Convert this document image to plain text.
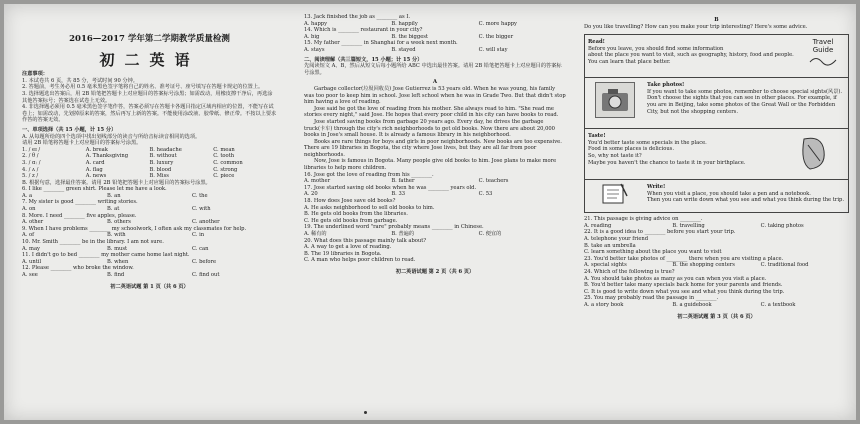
2016—2017 学年第二学期教学质量检测
初二英语
注意事项：

1. 本试卷共 6 页，共 85 分，考试时间 90 分钟。

2. 答题前，考生务必用 0.5 毫米黑色签字笔将自己的姓名、准考证号、座号填写在答题卡规定的位置上。

3. 选择题选出答案后，用 2B 铅笔把答题卡上对应题目的答案标号涂黑；如需改动，用橡皮擦干净后，再选涂其他答案标号；答案选在试卷上无效。

4. 非选择题必须用 0.5 毫米黑色签字笔作答，答案必须写在答题卡各题目指定区域内相应的位置，不能写在试卷上；如需改动，先划掉原来的答案，然后再写上新的答案。不能使用涂改液、胶带纸、修正带。不按以上要求作答的答案无效。

一、单项选择（共 15 小题，计 15 分）

A. 从每题所给的四个选项中找出划线部分的读音与所给音标读音相同的选项。

请用 2B 铅笔将答题卡上对应题目的答案标号涂黑。

1. / eɪ /	A. break	B. headache	C. mean
2. / θ /	A. Thanksgiving	B. without	C. tooth
3. / ɑː /	A. card	B. luxury	C. common
4. / ʌ /	A. flag	B. blood	C. strong
5. / z /	A. news	B. Miss	C. piece

B. 根据句意，选择最佳答案。请用 2B 铅笔把答题卡上对应题目的答案标号涂黑。

6. I like ________ green shirt. Please let me have a look.

A. a	B. an	C. the

7. My sister is good ________ writing stories.

A. on	B. at	C. with

8. More. I need ________ five apples, please.

A. other	B. others	C. another

9. When I have problems ________ my schoolwork, I often ask my classmates for help.

A. of	B. with	C. in

10. Mr. Smith ________ be in the library. I am not sure.

A. may	B. must	C. can

11. I didn't go to bed ________ my mother came home last night.

A. until	B. when	C. before

12. Please ________ who broke the window.

A. see	B. find	C. find out
初二英语试题 第 1 页（共 6 页）

13. Jack finished the job as ________ as I.

A. happy	B. happily	C. more happy

14. Which is ________ restaurant in your city?

A. big	B. the biggest	C. the bigger

15. My father ________ in Shanghai for a week next month.

A. stays	B. stayed	C. will stay
二、阅读理解（共三篇短文，15 小题；计 15 分）

先阅读短文 A、B，然后从短文后每小题所给 ABC 中选出最佳答案。请用 2B 铅笔把答题卡上对应题目的答案标号涂黑。

A

Garbage collector(垃圾回收员) Jose Gutierrez is 53 years old. When he was young, his family was too poor to keep him in school. Jose left school when he was in Grade Two. But that didn't stop him having a love of reading.

Jose said he got the love of reading from his mother. She always read to him. "She read me stories every night," said Jose. He hopes that every poor child in his city can have books to read.

Jose started saving books from garbage 20 years ago. Every day, he drives the garbage truck(卡车) through the city's rich neighborhoods to get old books. Now there are about 20,000 books in Jose's small house. It is already a famous library in his neighborhood.

Books are rare things for boys and girls in poor neighborhoods. New books are too expensive. There are 19 libraries in Bogota, the city where Jose lives, but they are all far from poor neighborhoods.

Now, Jose is famous in Bogota. Many people give old books to him. Jose plans to make more libraries to help more children.

16. Jose got the love of reading from his ________.

A. mother	B. father	C. teachers

17. Jose started saving old books when he was ________ years old.

A. 20	B. 33	C. 53

18. How does Jose save old books?

A. He asks neighborhood to sell old books to him.

B. He gets old books from the libraries.

C. He gets old books from garbage.

19. The underlined word "rare" probably means ________ in Chinese.

A. 稀有的	B. 普遍的	C. 便宜的

20. What does this passage mainly talk about?

A. A way to get a love of reading.

B. The 19 libraries in Bogota.

C. A man who helps poor children to read.

初二英语试题 第 2 页（共 6 页）
B

Do you like travelling? How can you make your trip interesting? Here's some advice.

Read!

Before you leave, you should find some information

about the place you want to visit, such as geography, history, food and people.

You can learn that place better.

Travel
Guide
Take photos!

If you want to take some photos, remember to choose special sights(风景). Don't choose the sights that you can see in other places. For example, if you are in Beijing, take some photos of the Great Wall or the Forbidden City, but not the shopping centers.

Taste!

You'd better taste some specials in the place.

Food in some places is delicious.

So, why not taste it?

Maybe you haven't the chance to taste it in your birthplace.

Write!

When you visit a place, you should take a pen and a notebook.

Then you can write down what you see and what you think during the trip.

21. This passage is giving advice on ________.

A. reading	B. travelling	C. taking photos

22. It is a good idea to ________ before you start your trip.

A. telephone your friend

B. take an umbrella

C. learn something about the place you want to visit

23. You'd better take photos of ________ there when you are visiting a place.

A. special sights	B. the shopping centers	C. traditional food

24. Which of the following is true?

A. You should take photos as many as you can when you visit a place.

B. You'd better take many specials back home for your parents and friends.

C. It is good to write down what you see and what you think during the trip.

25. You may probably read the passage in ________.

A. a story book	B. a guidebook	C. a textbook
初二英语试题 第 3 页（共 6 页）
